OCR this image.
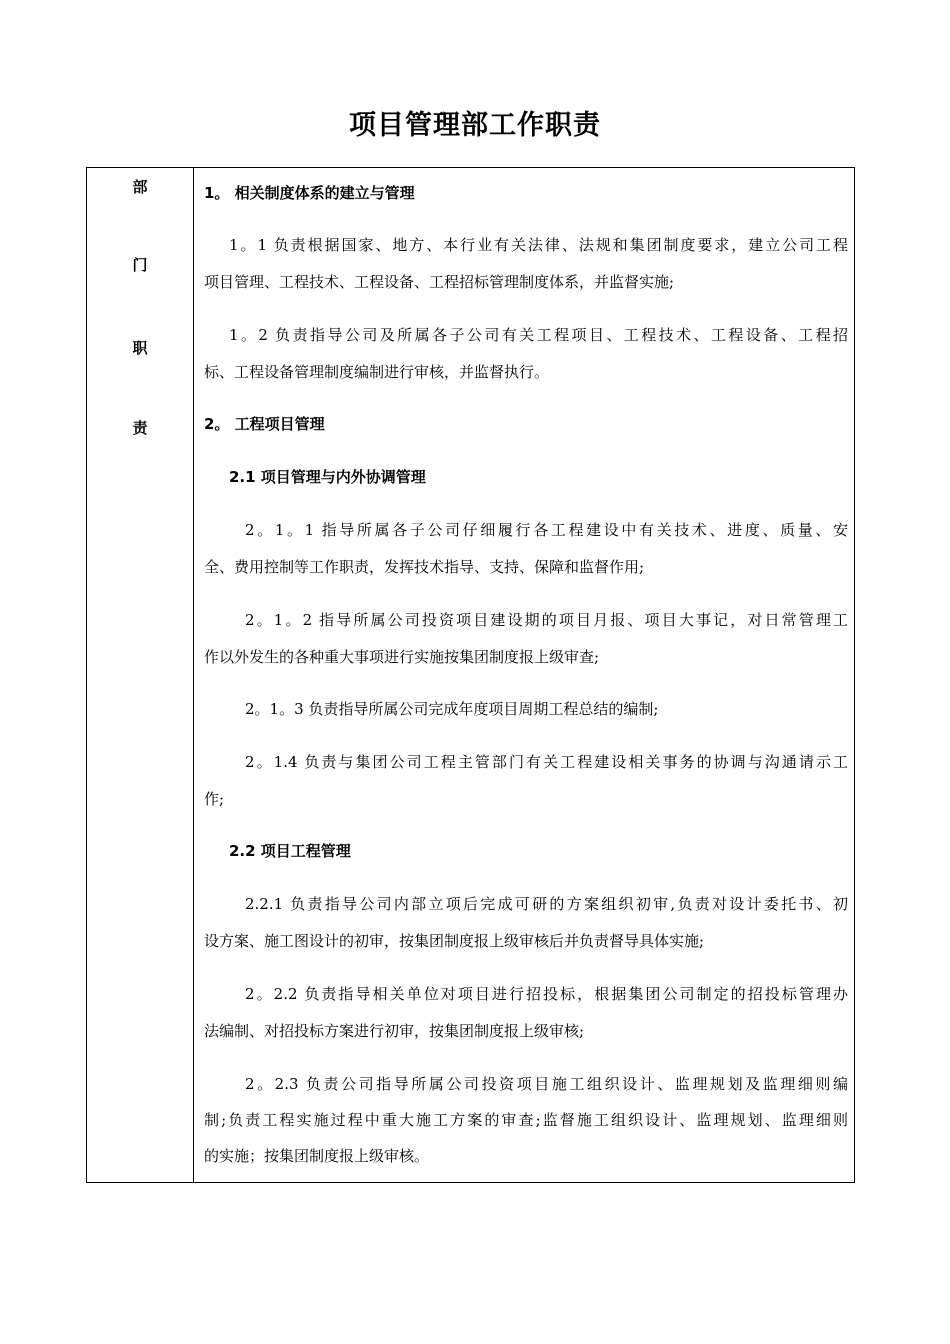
项目管理部工作职责
部
门
职
责
1。 相关制度体系的建立与管理
1。1 负责根据国家、地方、本行业有关法律、法规和集团制度要求，建立公司工程
项目管理、工程技术、工程设备、工程招标管理制度体系，并监督实施;
1。2 负责指导公司及所属各子公司有关工程项目、工程技术、工程设备、工程招
标、工程设备管理制度编制进行审核，并监督执行。
2。 工程项目管理
2.1 项目管理与内外协调管理
2。1。1 指导所属各子公司仔细履行各工程建设中有关技术、进度、质量、安
全、费用控制等工作职责，发挥技术指导、支持、保障和监督作用;
2。1。2 指导所属公司投资项目建设期的项目月报、项目大事记，对日常管理工
作以外发生的各种重大事项进行实施按集团制度报上级审查;
2。1。3 负责指导所属公司完成年度项目周期工程总结的编制;
2。1.4 负责与集团公司工程主管部门有关工程建设相关事务的协调与沟通请示工
作;
2.2 项目工程管理
2.2.1 负责指导公司内部立项后完成可研的方案组织初审,负责对设计委托书、初
设方案、施工图设计的初审，按集团制度报上级审核后并负责督导具体实施;
2。2.2 负责指导相关单位对项目进行招投标，根据集团公司制定的招投标管理办
法编制、对招投标方案进行初审，按集团制度报上级审核;
2。2.3 负责公司指导所属公司投资项目施工组织设计、监理规划及监理细则编
制;负责工程实施过程中重大施工方案的审查;监督施工组织设计、监理规划、监理细则
的实施；按集团制度报上级审核。
